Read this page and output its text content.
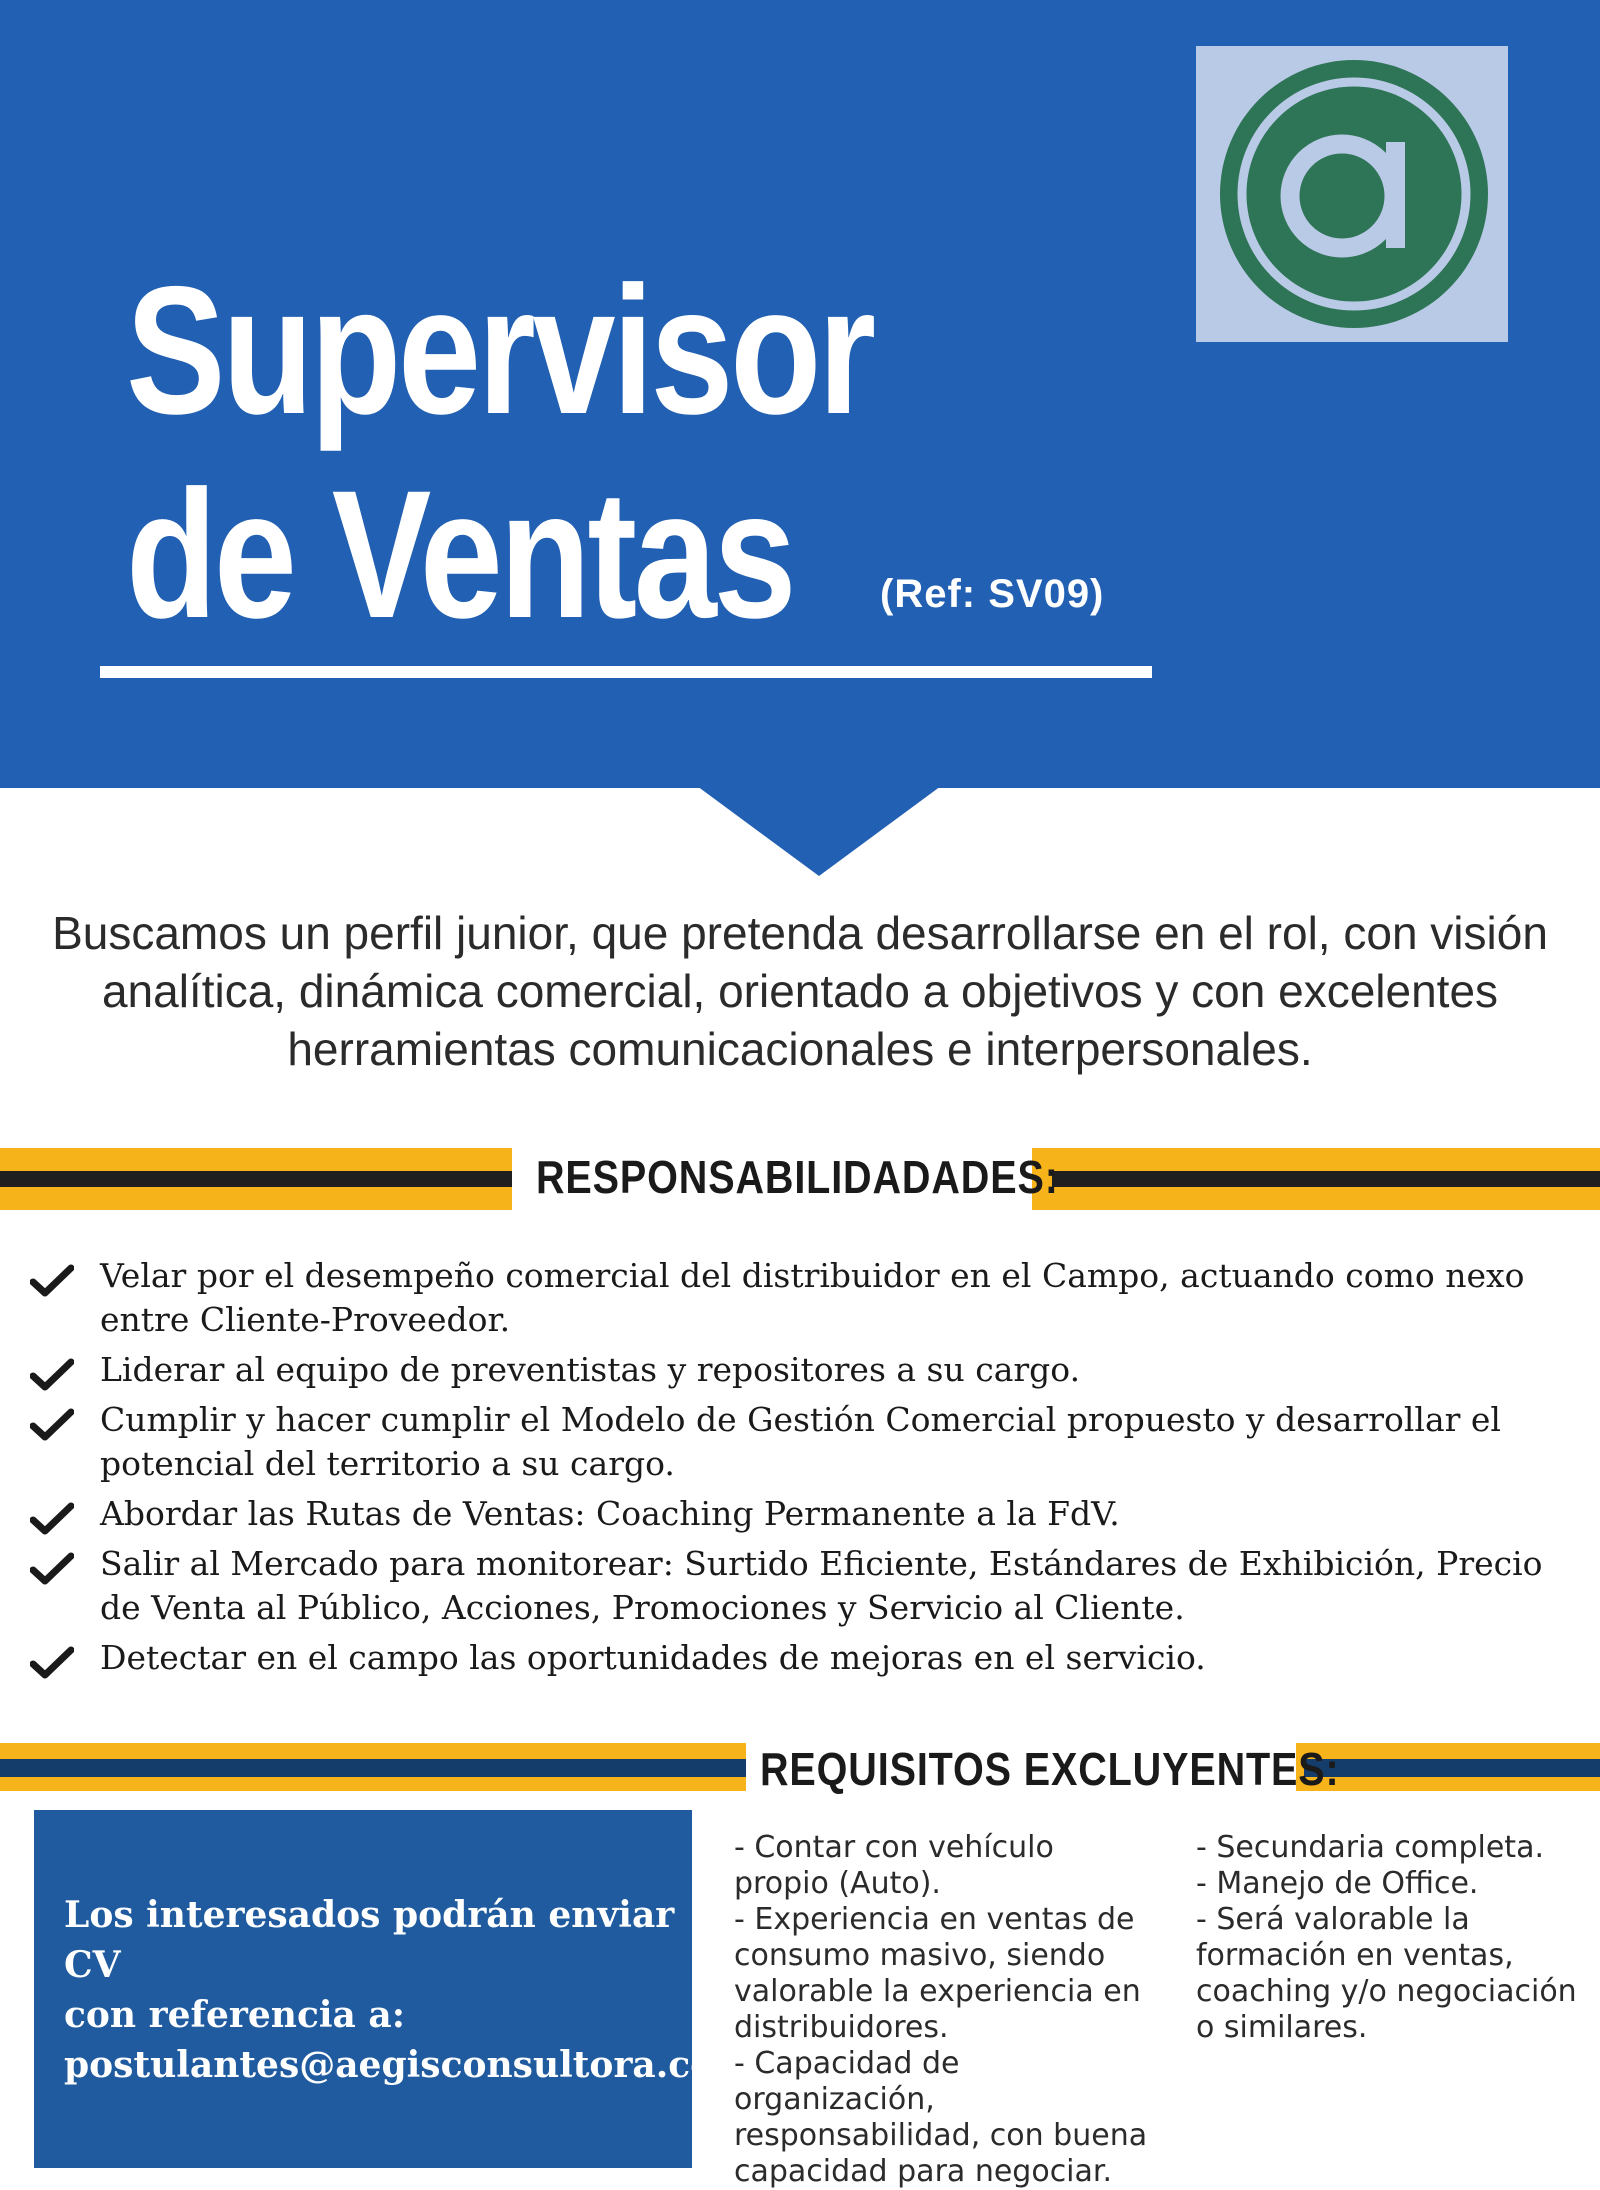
Supervisor
de Ventas	(Ref: SV09)

Buscamos un perfil junior, que pretenda desarrollarse en el rol, con visión analítica, dinámica comercial, orientado a objetivos y con excelentes herramientas comunicacionales e interpersonales.

RESPONSABILIDADADES:
Velar por el desempeño comercial del distribuidor en el Campo, actuando como nexo entre Cliente-Proveedor.
Liderar al equipo de preventistas y repositores a su cargo.
Cumplir y hacer cumplir el Modelo de Gestión Comercial propuesto y desarrollar el potencial del territorio a su cargo.
Abordar las Rutas de Ventas: Coaching Permanente a la FdV.
Salir al Mercado para monitorear: Surtido Eficiente, Estándares de Exhibición, Precio de Venta al Público, Acciones, Promociones y Servicio al Cliente.
Detectar en el campo las oportunidades de mejoras en el servicio.
REQUISITOS EXCLUYENTES:

Los interesados podrán enviar CV
con referencia a:
postulantes@aegisconsultora.com

- Contar con vehículo propio (Auto).
- Experiencia en ventas de consumo masivo, siendo valorable la experiencia en distribuidores.
- Capacidad de organización, responsabilidad, con buena capacidad para negociar.
- Secundaria completa.
- Manejo de Office.
- Será valorable la formación en ventas, coaching y/o negociación o similares.
